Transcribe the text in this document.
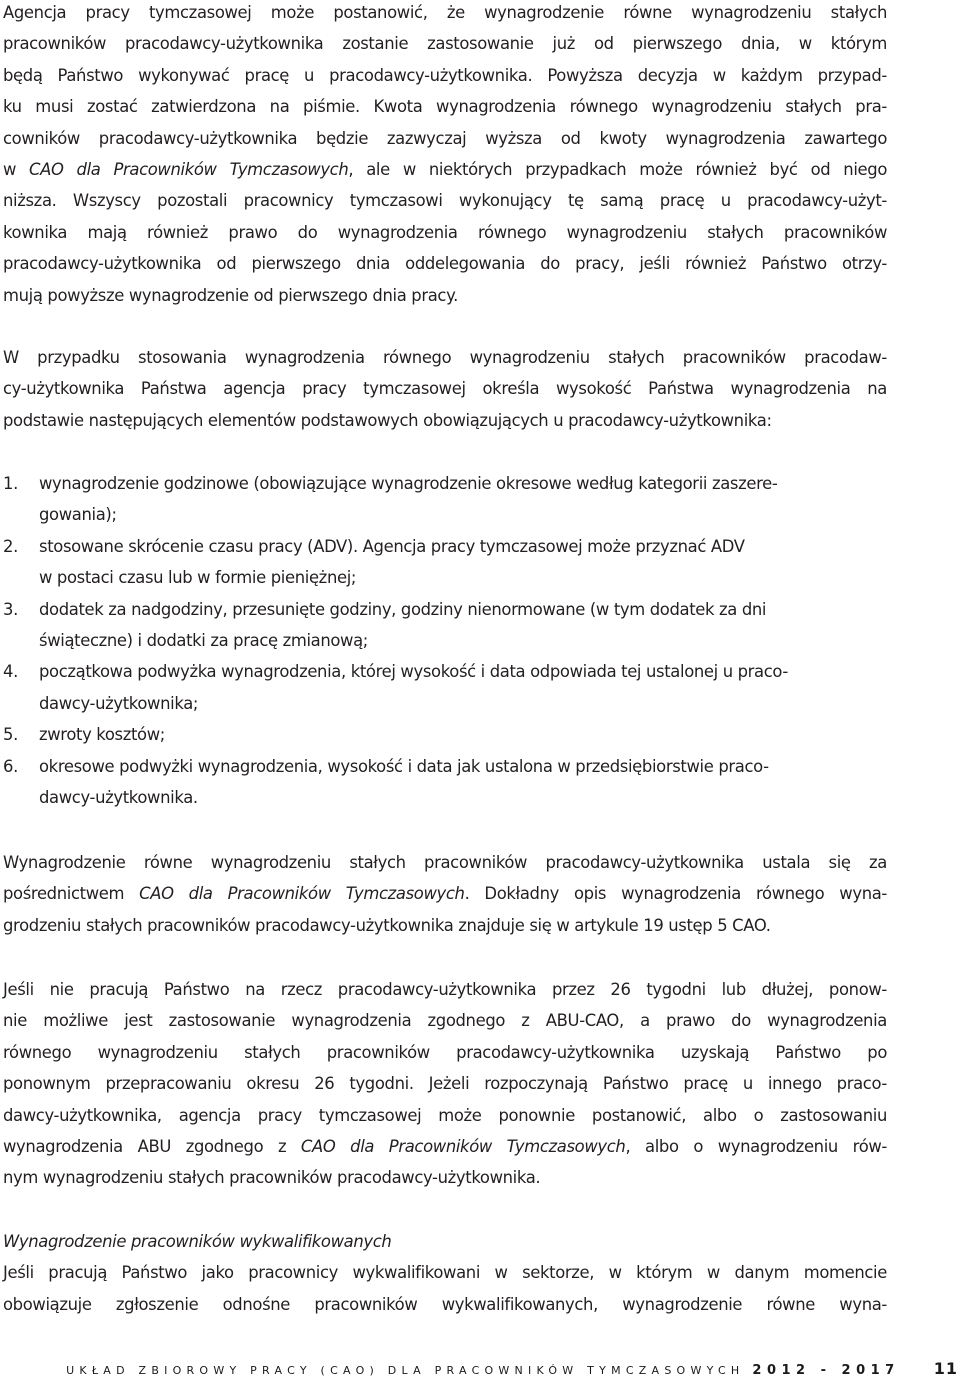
Agencja pracy tymczasowej może postanowić, że wynagrodzenie równe wynagrodzeniu stałych
pracowników pracodawcy-użytkownika zostanie zastosowanie już od pierwszego dnia, w którym
będą Państwo wykonywać pracę u pracodawcy-użytkownika. Powyższa decyzja w każdym przypad-
ku musi zostać zatwierdzona na piśmie. Kwota wynagrodzenia równego wynagrodzeniu stałych pra-
cowników pracodawcy-użytkownika będzie zazwyczaj wyższa od kwoty wynagrodzenia zawartego
w CAO dla Pracowników Tymczasowych, ale w niektórych przypadkach może również być od niego
niższa. Wszyscy pozostali pracownicy tymczasowi wykonujący tę samą pracę u pracodawcy-użyt-
kownika mają również prawo do wynagrodzenia równego wynagrodzeniu stałych pracowników
pracodawcy-użytkownika od pierwszego dnia oddelegowania do pracy, jeśli również Państwo otrzy-
mują powyższe wynagrodzenie od pierwszego dnia pracy.
W przypadku stosowania wynagrodzenia równego wynagrodzeniu stałych pracowników pracodaw-
cy-użytkownika Państwa agencja pracy tymczasowej określa wysokość Państwa wynagrodzenia na
podstawie następujących elementów podstawowych obowiązujących u pracodawcy-użytkownika:
1. wynagrodzenie godzinowe (obowiązujące wynagrodzenie okresowe według kategorii zaszere-
gowania);
2. stosowane skrócenie czasu pracy (ADV). Agencja pracy tymczasowej może przyznać ADV
w postaci czasu lub w formie pieniężnej;
3. dodatek za nadgodziny, przesunięte godziny, godziny nienormowane (w tym dodatek za dni
świąteczne) i dodatki za pracę zmianową;
4. początkowa podwyżka wynagrodzenia, której wysokość i data odpowiada tej ustalonej u praco-
dawcy-użytkownika;
5. zwroty kosztów;
6. okresowe podwyżki wynagrodzenia, wysokość i data jak ustalona w przedsiębiorstwie praco-
dawcy-użytkownika.
Wynagrodzenie równe wynagrodzeniu stałych pracowników pracodawcy-użytkownika ustala się za
pośrednictwem CAO dla Pracowników Tymczasowych. Dokładny opis wynagrodzenia równego wyna-
grodzeniu stałych pracowników pracodawcy-użytkownika znajduje się w artykule 19 ustęp 5 CAO.
Jeśli nie pracują Państwo na rzecz pracodawcy-użytkownika przez 26 tygodni lub dłużej, ponow-
nie możliwe jest zastosowanie wynagrodzenia zgodnego z ABU-CAO, a prawo do wynagrodzenia
równego wynagrodzeniu stałych pracowników pracodawcy-użytkownika uzyskają Państwo po
ponownym przepracowaniu okresu 26 tygodni. Jeżeli rozpoczynają Państwo pracę u innego praco-
dawcy-użytkownika, agencja pracy tymczasowej może ponownie postanowić, albo o zastosowaniu
wynagrodzenia ABU zgodnego z CAO dla Pracowników Tymczasowych, albo o wynagrodzeniu rów-
nym wynagrodzeniu stałych pracowników pracodawcy-użytkownika.
Wynagrodzenie pracowników wykwalifikowanych
Jeśli pracują Państwo jako pracownicy wykwalifikowani w sektorze, w którym w danym momencie
obowiązuje zgłoszenie odnośne pracowników wykwalifikowanych, wynagrodzenie równe wyna-
UKŁAD ZBIOROWY PRACY (CAO) DLA PRACOWNIKÓW TYMCZASOWYCH 2012 - 2017 11
